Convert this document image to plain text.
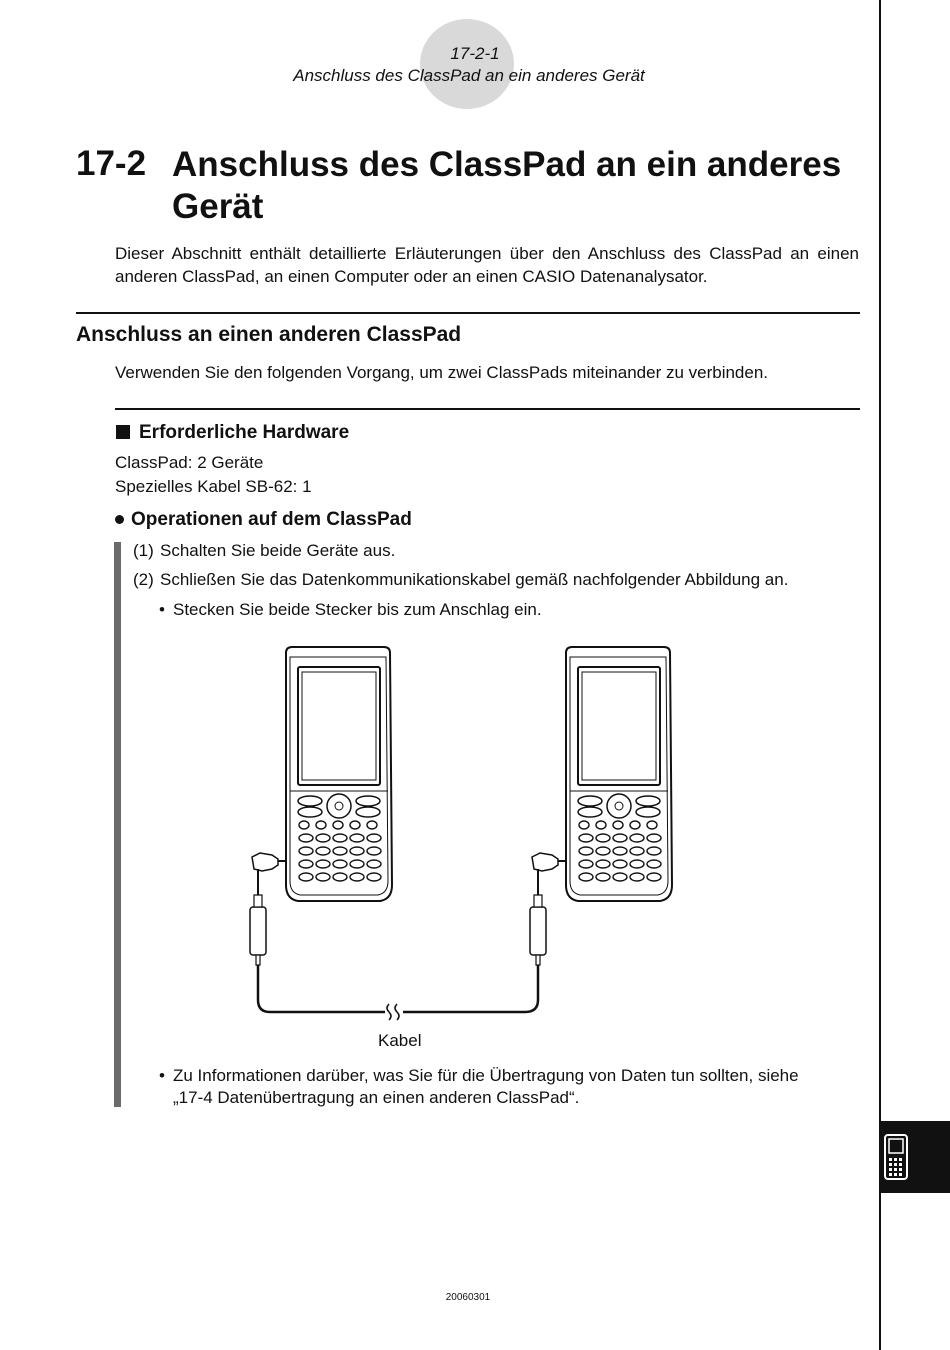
17-2-1
Anschluss des ClassPad an ein anderes Gerät
17-2 Anschluss des ClassPad an ein anderes Gerät
Dieser Abschnitt enthält detaillierte Erläuterungen über den Anschluss des ClassPad an einen anderen ClassPad, an einen Computer oder an einen CASIO Datenanalysator.
Anschluss an einen anderen ClassPad
Verwenden Sie den folgenden Vorgang, um zwei ClassPads miteinander zu verbinden.
Erforderliche Hardware
ClassPad: 2 Geräte
Spezielles Kabel SB-62: 1
Operationen auf dem ClassPad
(1) Schalten Sie beide Geräte aus.
(2) Schließen Sie das Datenkommunikationskabel gemäß nachfolgender Abbildung an.
• Stecken Sie beide Stecker bis zum Anschlag ein.
Kabel
• Zu Informationen darüber, was Sie für die Übertragung von Daten tun sollten, siehe
„17-4 Datenübertragung an einen anderen ClassPad“.
20060301
